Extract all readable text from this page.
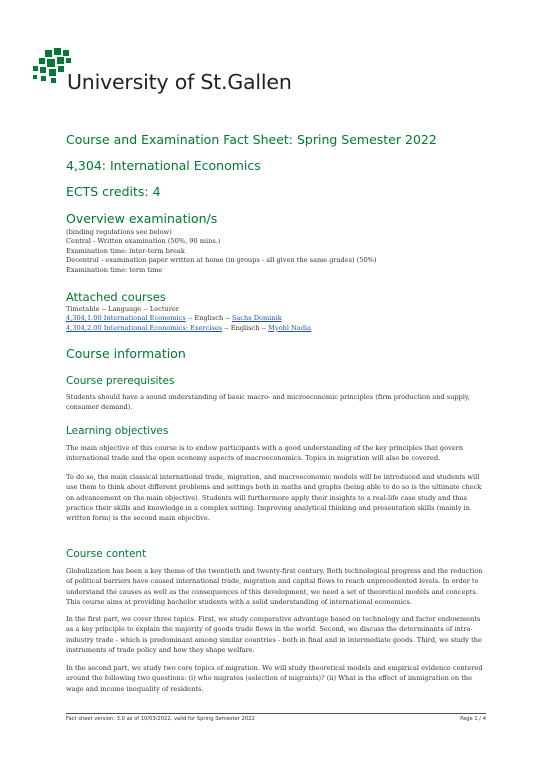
University of St.Gallen
Course and Examination Fact Sheet: Spring Semester 2022
4,304: International Economics
ECTS credits: 4
Overview examination/s
(binding regulations see below)
Central - Written examination (50%, 90 mins.)
Examination time: inter-term break
Decentral - examination paper written at home (in groups - all given the same grades) (50%)
Examination time: term time
Attached courses
Timetable -- Language -- Lecturer
4,304,1.00 International Economics -- Englisch -- Sachs Dominik
4,304,2.00 International Economics: Exercises -- Englisch -- Myohl Nadia
Course information
Course prerequisites

Students should have a sound understanding of basic macro- and microeconomic principles (firm production and supply, consumer demand).

Learning objectives

The main objective of this course is to endow participants with a good understanding of the key principles that govern international trade and the open economy aspects of macroeconomics. Topics in migration will also be covered.

To do so, the main classical international trade, migration, and macroeconomic models will be introduced and students will use them to think about different problems and settings both in maths and graphs (being able to do so is the ultimate check on advancement on the main objective). Students will furthermore apply their insights to a real-life case study and thus practice their skills and knowledge in a complex setting. Improving analytical thinking and presentation skills (mainly in written form) is the second main objective.

Course content

Globalization has been a key theme of the twentieth and twenty-first century. Both technological progress and the reduction of political barriers have caused international trade, migration and capital flows to reach unprecedented levels. In order to understand the causes as well as the consequences of this development, we need a set of theoretical models and concepts. This course aims at providing bachelor students with a solid understanding of international economics.

In the first part, we cover three topics. First, we study comparative advantage based on technology and factor endowments as a key principle to explain the majority of goods trade flows in the world. Second, we discuss the determinants of intra-industry trade - which is predominant among similar countries - both in final and in intermediate goods. Third, we study the instruments of trade policy and how they shape welfare.

In the second part, we study two core topics of migration. We will study theoretical models and empirical evidence centered around the following two questions: (i) who migrates (selection of migrants)? (ii) What is the effect of immigration on the wage and income inequality of residents.

Fact sheet version: 3.0 as of 10/03/2022, valid for Spring Semester 2022	Page 1 / 4
